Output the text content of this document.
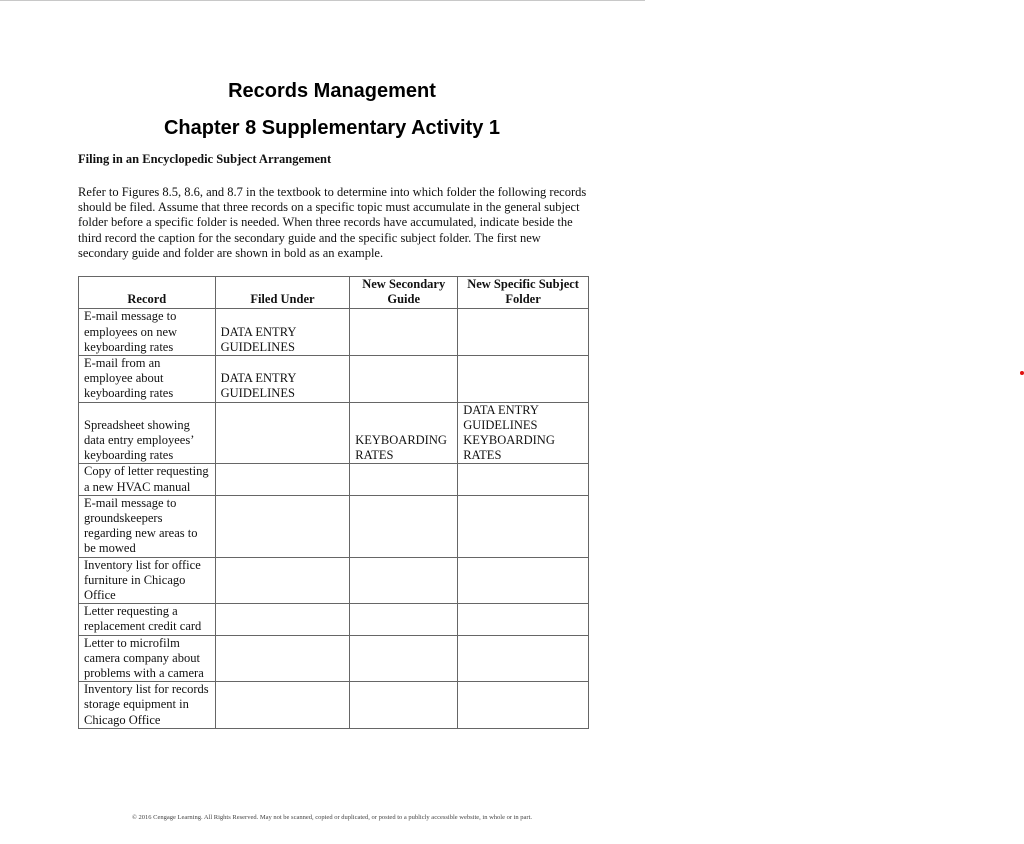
Records Management
Chapter 8 Supplementary Activity 1
Filing in an Encyclopedic Subject Arrangement
Refer to Figures 8.5, 8.6, and 8.7 in the textbook to determine into which folder the following records should be filed. Assume that three records on a specific topic must accumulate in the general subject folder before a specific folder is needed. When three records have accumulated, indicate beside the third record the caption for the secondary guide and the specific subject folder. The first new secondary guide and folder are shown in bold as an example.
Record	Filed Under	New Secondary Guide	New Specific Subject Folder
E-mail message to employees on new keyboarding rates	DATA ENTRY GUIDELINES		
E-mail from an employee about keyboarding rates	DATA ENTRY GUIDELINES		
Spreadsheet showing data entry employees’ keyboarding rates		KEYBOARDING RATES	DATA ENTRY GUIDELINES KEYBOARDING RATES
Copy of letter requesting a new HVAC manual			
E-mail message to groundskeepers regarding new areas to be mowed			
Inventory list for office furniture in Chicago Office			
Letter requesting a replacement credit card			
Letter to microfilm camera company about problems with a camera			
Inventory list for records storage equipment in Chicago Office			
© 2016 Cengage Learning. All Rights Reserved. May not be scanned, copied or duplicated, or posted to a publicly accessible website, in whole or in part.
